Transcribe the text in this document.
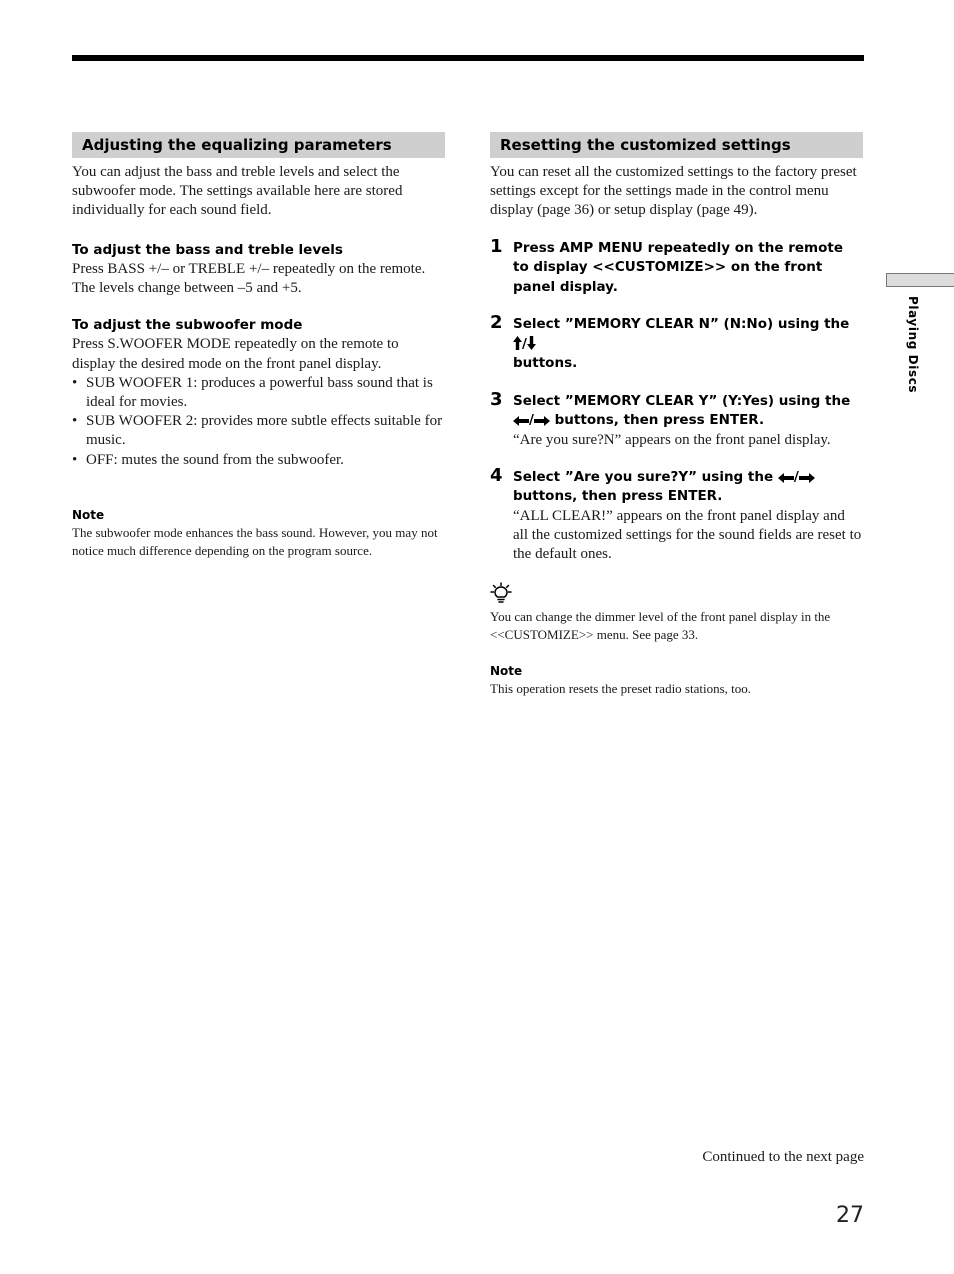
Adjusting the equalizing parameters

You can adjust the bass and treble levels and select the subwoofer mode. The settings available here are stored individually for each sound field.

To adjust the bass and treble levels

Press BASS +/– or TREBLE +/– repeatedly on the remote. The levels change between –5 and +5.

To adjust the subwoofer mode

Press S.WOOFER MODE repeatedly on the remote to display the desired mode on the front panel display.

• SUB WOOFER 1: produces a powerful bass sound that is ideal for movies.
• SUB WOOFER 2: provides more subtle effects suitable for music.
• OFF: mutes the sound from the subwoofer.

Note

The subwoofer mode enhances the bass sound. However, you may not notice much difference depending on the program source.

Resetting the customized settings

You can reset all the customized settings to the factory preset settings except for the settings made in the control menu display (page 36) or setup display (page 49).

1 Press AMP MENU repeatedly on the remote to display <<CUSTOMIZE>> on the front panel display.

2 Select ”MEMORY CLEAR N” (N:No) using the /
buttons.

3 Select ”MEMORY CLEAR Y” (Y:Yes) using the
/ buttons, then press ENTER.

“Are you sure?N” appears on the front panel display.

4 Select ”Are you sure?Y” using the / buttons, then press ENTER.

“ALL CLEAR!” appears on the front panel display and all the customized settings for the sound fields are reset to the default ones.

You can change the dimmer level of the front panel display in the <<CUSTOMIZE>> menu. See page 33.

Note

This operation resets the preset radio stations, too.

Playing Discs
Continued to the next page
27
